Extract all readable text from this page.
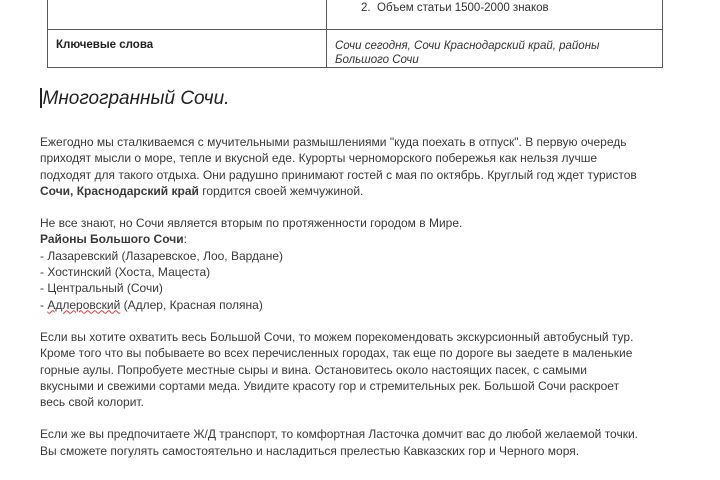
	2. Объем статьи 1500-2000 знаков

Ключевые слова	Сочи сегодня, Сочи Краснодарский край, районы Большого Сочи
Многогранный Сочи.

Ежегодно мы сталкиваемся с мучительными размышлениями "куда поехать в отпуск". В первую очередь
приходят мысли о море, тепле и вкусной еде. Курорты черноморского побережья как нельзя лучше
подходят для такого отдыха. Они радушно принимают гостей с мая по октябрь. Круглый год ждет туристов
Сочи, Краснодарский край гордится своей жемчужиной.

Не все знают, но Сочи является вторым по протяженности городом в Мире.
Районы Большого Сочи:
- Лазаревский (Лазаревское, Лоо, Вардане)
- Хостинский (Хоста, Мацеста)
- Центральный (Сочи)
- Адлеровский (Адлер, Красная поляна)

Если вы хотите охватить весь Большой Сочи, то можем порекомендовать экскурсионный автобусный тур.
Кроме того что вы побываете во всех перечисленных городах, так еще по дороге вы заедете в маленькие
горные аулы. Попробуете местные сыры и вина. Остановитесь около настоящих пасек, с самыми
вкусными и свежими сортами меда. Увидите красоту гор и стремительных рек. Большой Сочи раскроет
весь свой колорит.

Если же вы предпочитаете Ж/Д транспорт, то комфортная Ласточка домчит вас до любой желаемой точки.
Вы сможете погулять самостоятельно и насладиться прелестью Кавказских гор и Черного моря.
